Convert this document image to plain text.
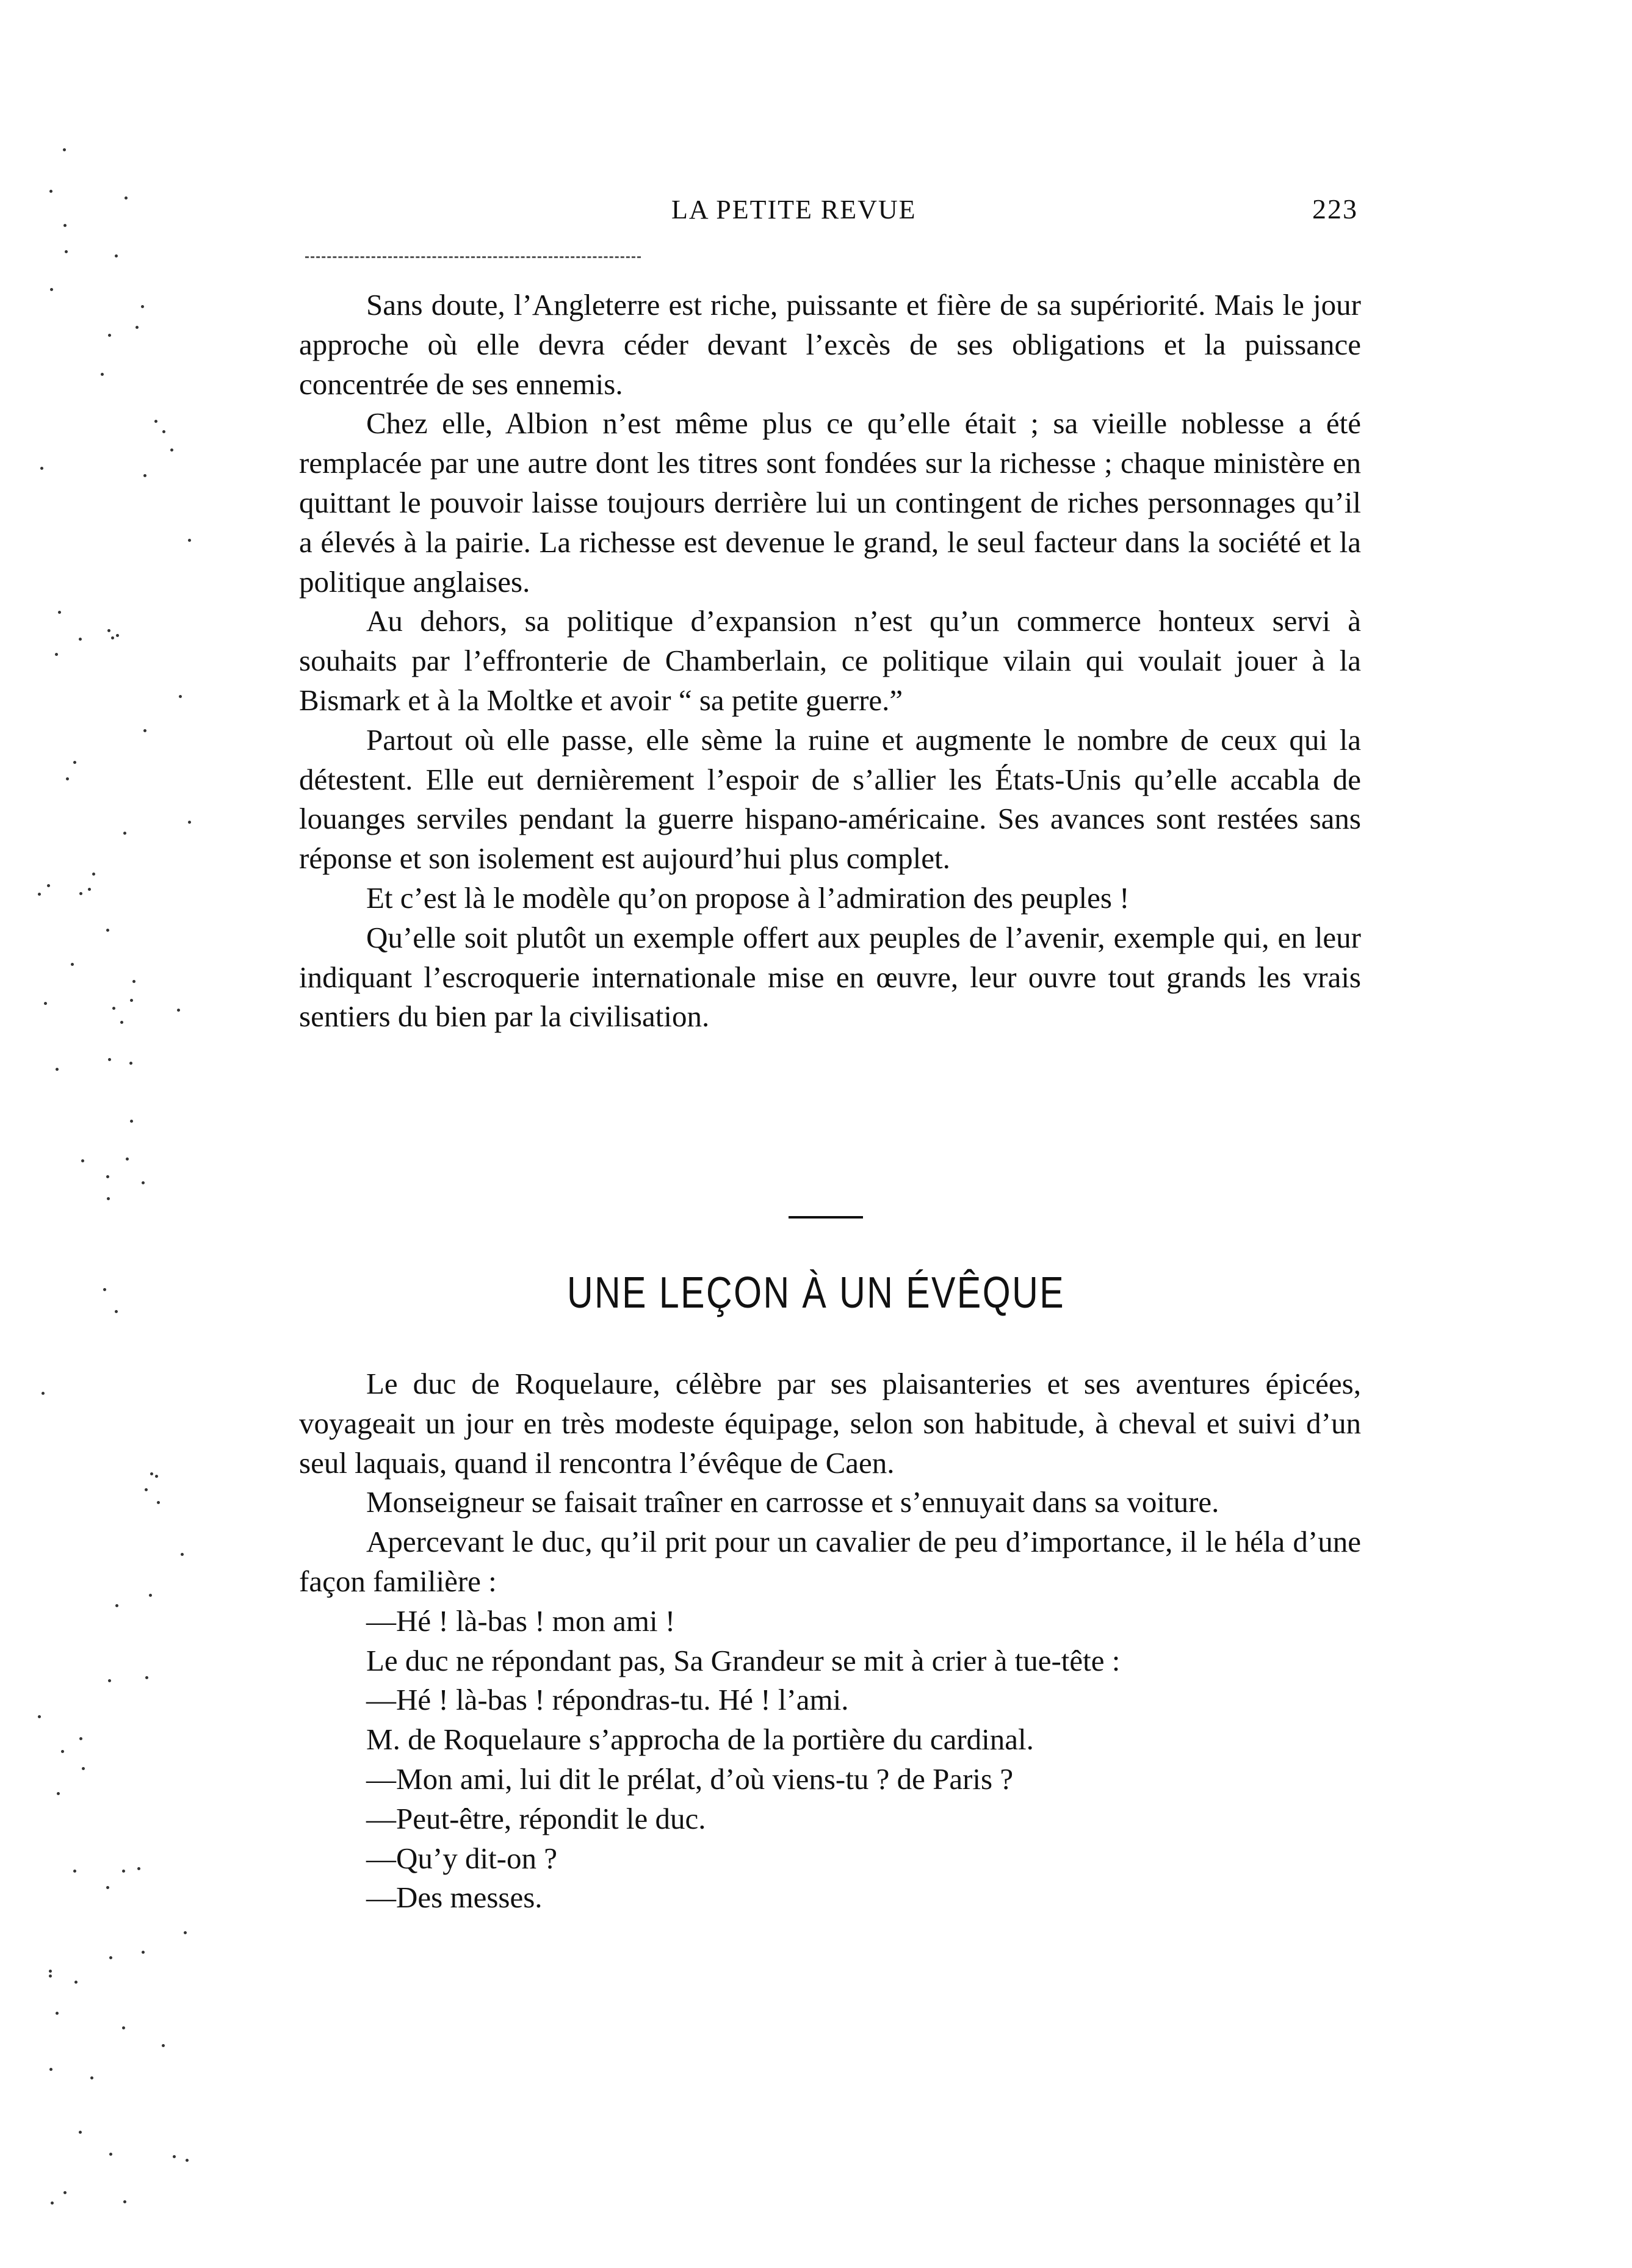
LA PETITE REVUE	223

Sans doute, l’Angleterre est riche, puissante et fière de sa supériorité. Mais le jour approche où elle devra céder devant l’excès de ses obligations et la puissance concentrée de ses ennemis.

Chez elle, Albion n’est même plus ce qu’elle était ; sa vieille noblesse a été remplacée par une autre dont les titres sont fondées sur la richesse ; chaque ministère en quittant le pouvoir laisse toujours derrière lui un contingent de riches personnages qu’il a élevés à la pairie. La richesse est devenue le grand, le seul facteur dans la société et la politique anglaises.

Au dehors, sa politique d’expansion n’est qu’un commerce honteux servi à souhaits par l’effronterie de Chamberlain, ce politique vilain qui voulait jouer à la Bismark et à la Moltke et avoir “ sa petite guerre.”

Partout où elle passe, elle sème la ruine et augmente le nombre de ceux qui la détestent. Elle eut dernièrement l’espoir de s’allier les États-Unis qu’elle accabla de louanges serviles pendant la guerre hispano-américaine. Ses avances sont restées sans réponse et son isolement est aujourd’hui plus complet.

Et c’est là le modèle qu’on propose à l’admiration des peuples !

Qu’elle soit plutôt un exemple offert aux peuples de l’avenir, exemple qui, en leur indiquant l’escroquerie internationale mise en œuvre, leur ouvre tout grands les vrais sentiers du bien par la civilisation.

UNE LEÇON À UN ÉVÊQUE

Le duc de Roquelaure, célèbre par ses plaisanteries et ses aventures épicées, voyageait un jour en très modeste équipage, selon son habitude, à cheval et suivi d’un seul laquais, quand il rencontra l’évêque de Caen.

Monseigneur se faisait traîner en carrosse et s’ennuyait dans sa voiture.

Apercevant le duc, qu’il prit pour un cavalier de peu d’importance, il le héla d’une façon familière :

—Hé ! là-bas ! mon ami !

Le duc ne répondant pas, Sa Grandeur se mit à crier à tue-tête :

—Hé ! là-bas ! répondras-tu. Hé ! l’ami.

M. de Roquelaure s’approcha de la portière du cardinal.

—Mon ami, lui dit le prélat, d’où viens-tu ? de Paris ?

—Peut-être, répondit le duc.

—Qu’y dit-on ?

—Des messes.
